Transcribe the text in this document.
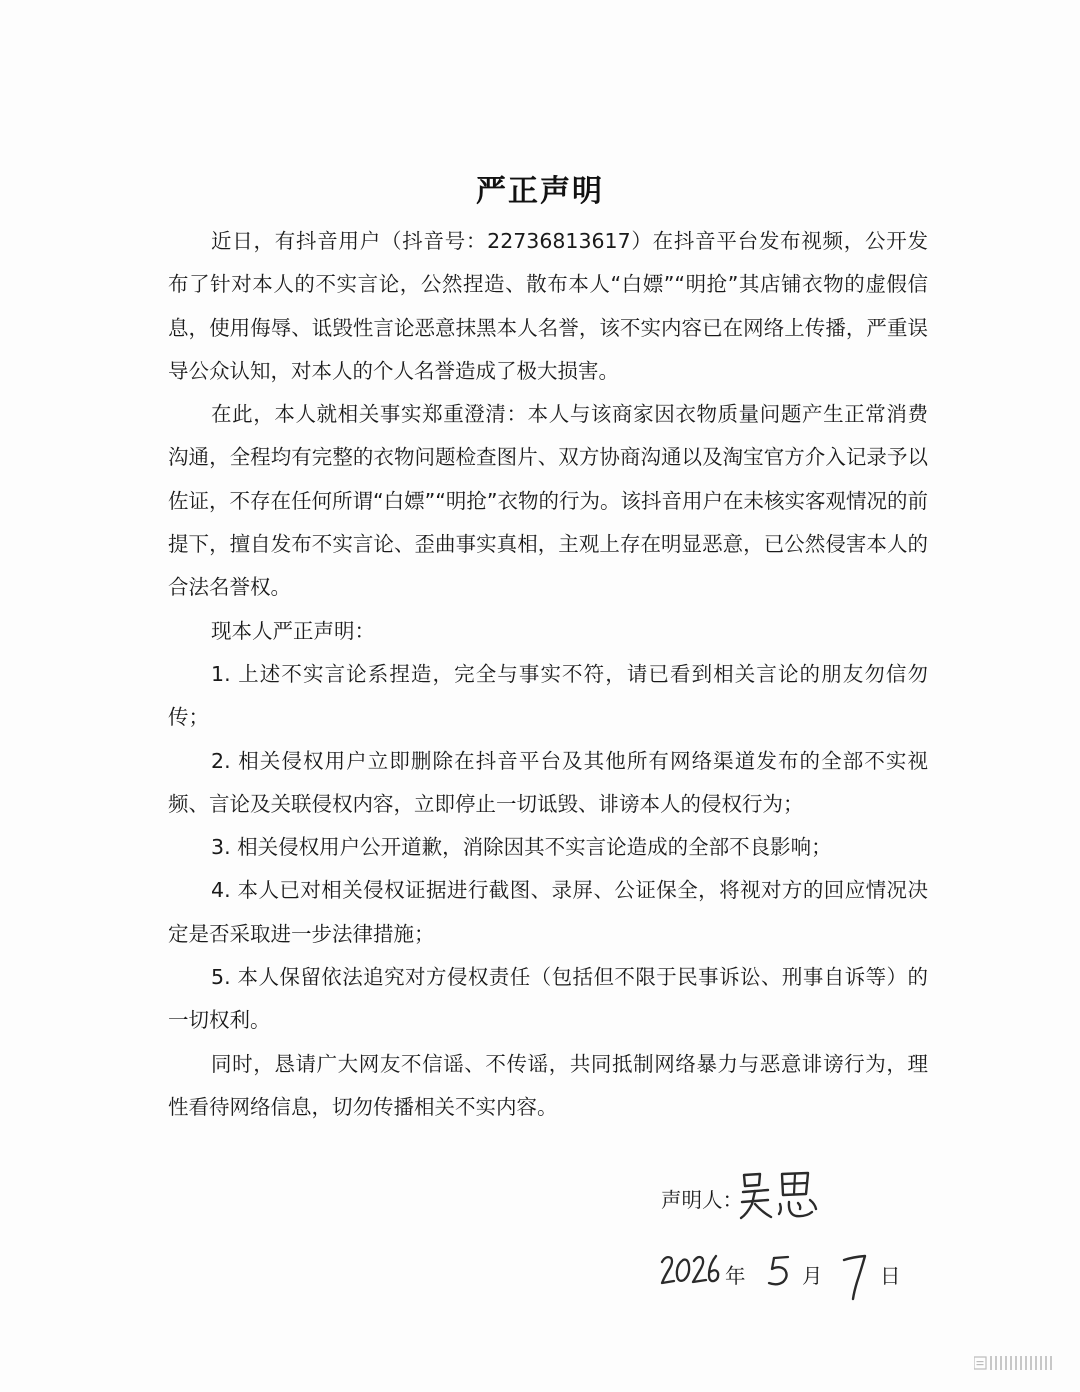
严正声明

近日，有抖音用户（抖音号：22736813617）在抖音平台发布视频，公开发布了针对本人的不实言论，公然捏造、散布本人“白嫖”“明抢”其店铺衣物的虚假信息，使用侮辱、诋毁性言论恶意抹黑本人名誉，该不实内容已在网络上传播，严重误导公众认知，对本人的个人名誉造成了极大损害。

在此，本人就相关事实郑重澄清：本人与该商家因衣物质量问题产生正常消费沟通，全程均有完整的衣物问题检查图片、双方协商沟通以及淘宝官方介入记录予以佐证，不存在任何所谓“白嫖”“明抢”衣物的行为。该抖音用户在未核实客观情况的前提下，擅自发布不实言论、歪曲事实真相，主观上存在明显恶意，已公然侵害本人的合法名誉权。

现本人严正声明：

1. 上述不实言论系捏造，完全与事实不符，请已看到相关言论的朋友勿信勿传；

2. 相关侵权用户立即删除在抖音平台及其他所有网络渠道发布的全部不实视频、言论及关联侵权内容，立即停止一切诋毁、诽谤本人的侵权行为；

3. 相关侵权用户公开道歉，消除因其不实言论造成的全部不良影响；

4. 本人已对相关侵权证据进行截图、录屏、公证保全，将视对方的回应情况决定是否采取进一步法律措施；

5. 本人保留依法追究对方侵权责任（包括但不限于民事诉讼、刑事自诉等）的一切权利。

同时，恳请广大网友不信谣、不传谣，共同抵制网络暴力与恶意诽谤行为，理性看待网络信息，切勿传播相关不实内容。

声明人：
年	月	日
